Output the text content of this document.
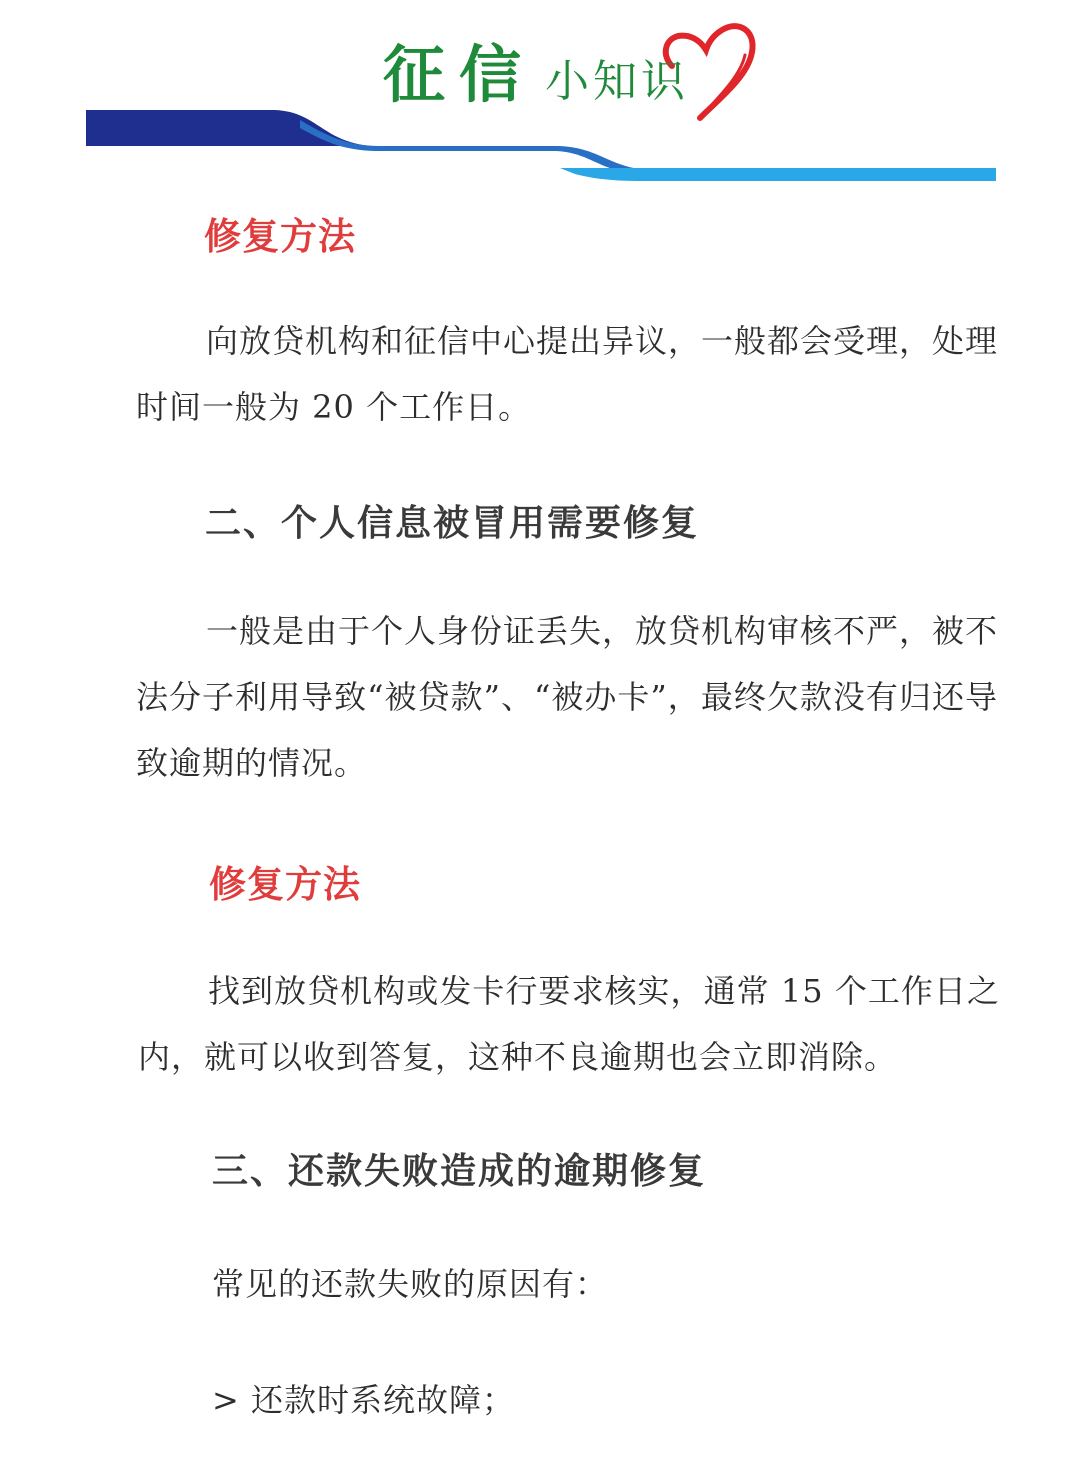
征信 小知识
修复方法

向放贷机构和征信中心提出异议，一般都会受理，处理时间一般为 20 个工作日。

二、个人信息被冒用需要修复

一般是由于个人身份证丢失，放贷机构审核不严，被不法分子利用导致“被贷款”、“被办卡”，最终欠款没有归还导致逾期的情况。

修复方法

找到放贷机构或发卡行要求核实，通常 15 个工作日之内，就可以收到答复，这种不良逾期也会立即消除。

三、还款失败造成的逾期修复
常见的还款失败的原因有：
> 还款时系统故障；
